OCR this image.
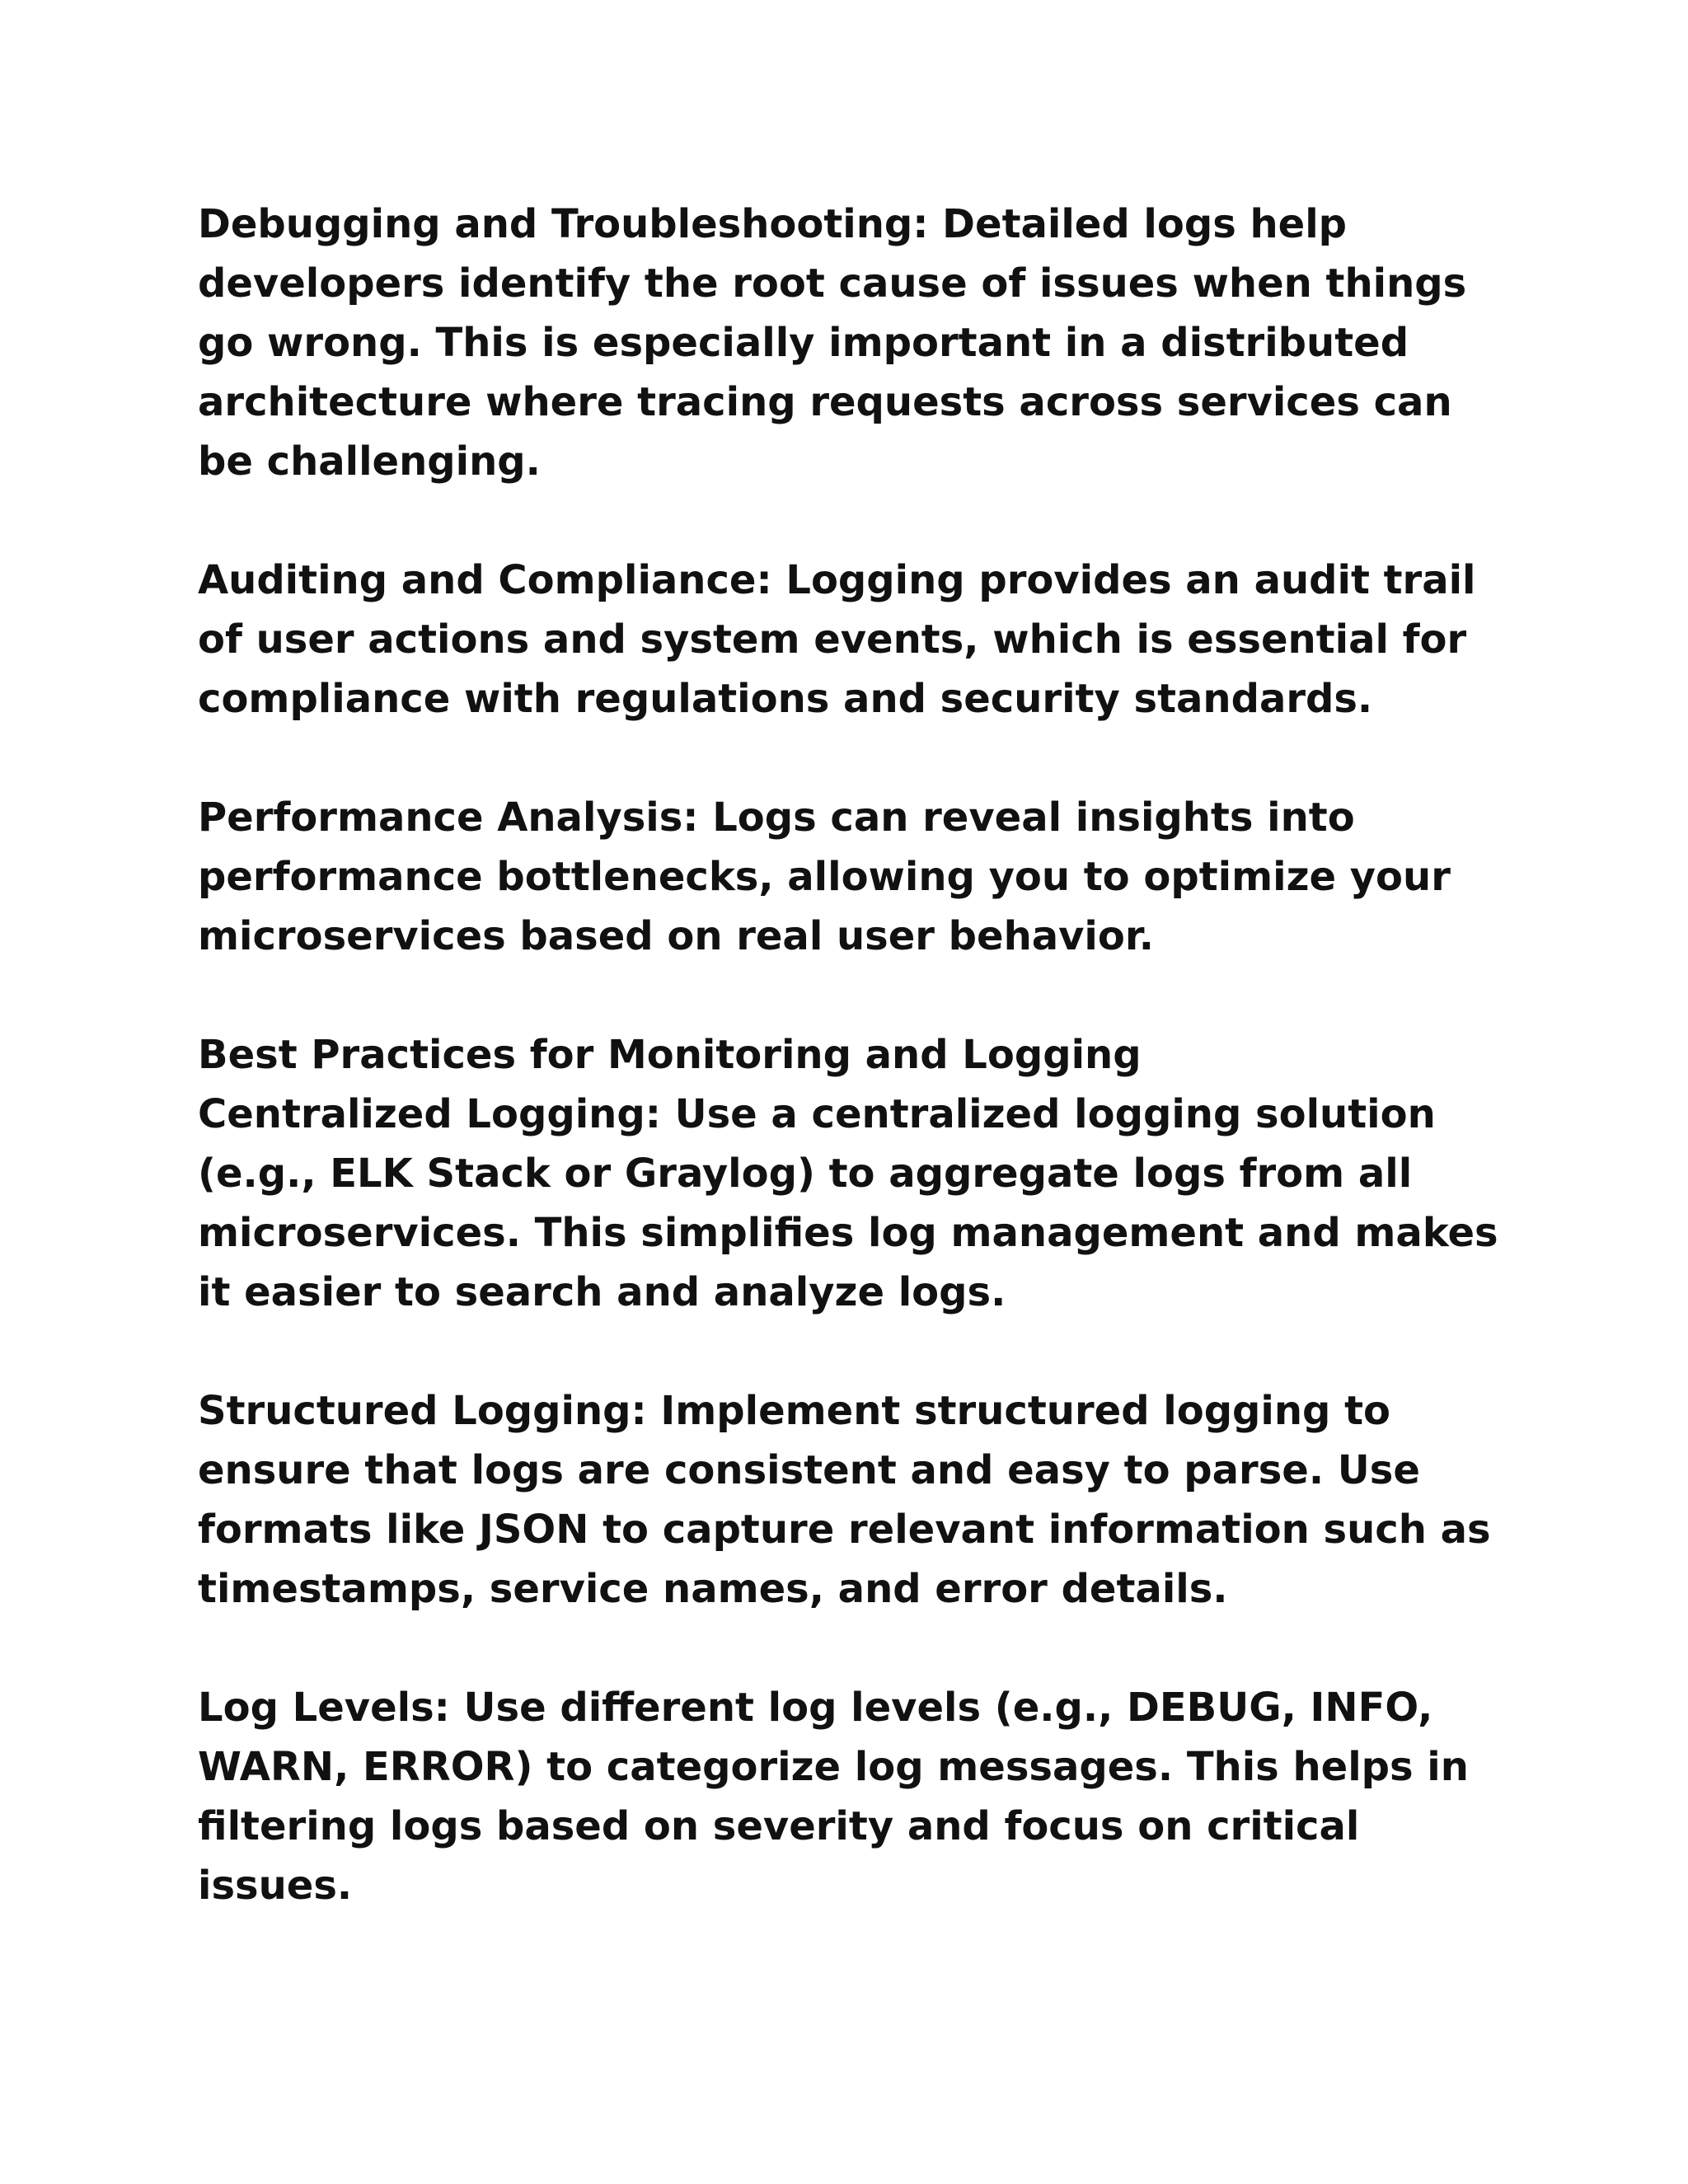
Debugging and Troubleshooting: Detailed logs help developers identify the root cause of issues when things go wrong. This is especially important in a distributed architecture where tracing requests across services can be challenging.

Auditing and Compliance: Logging provides an audit trail of user actions and system events, which is essential for compliance with regulations and security standards.

Performance Analysis: Logs can reveal insights into performance bottlenecks, allowing you to optimize your microservices based on real user behavior.

Best Practices for Monitoring and Logging

Centralized Logging: Use a centralized logging solution (e.g., ELK Stack or Graylog) to aggregate logs from all microservices. This simplifies log management and makes it easier to search and analyze logs.

Structured Logging: Implement structured logging to ensure that logs are consistent and easy to parse. Use formats like JSON to capture relevant information such as timestamps, service names, and error details.

Log Levels: Use different log levels (e.g., DEBUG, INFO, WARN, ERROR) to categorize log messages. This helps in filtering logs based on severity and focus on critical issues.
